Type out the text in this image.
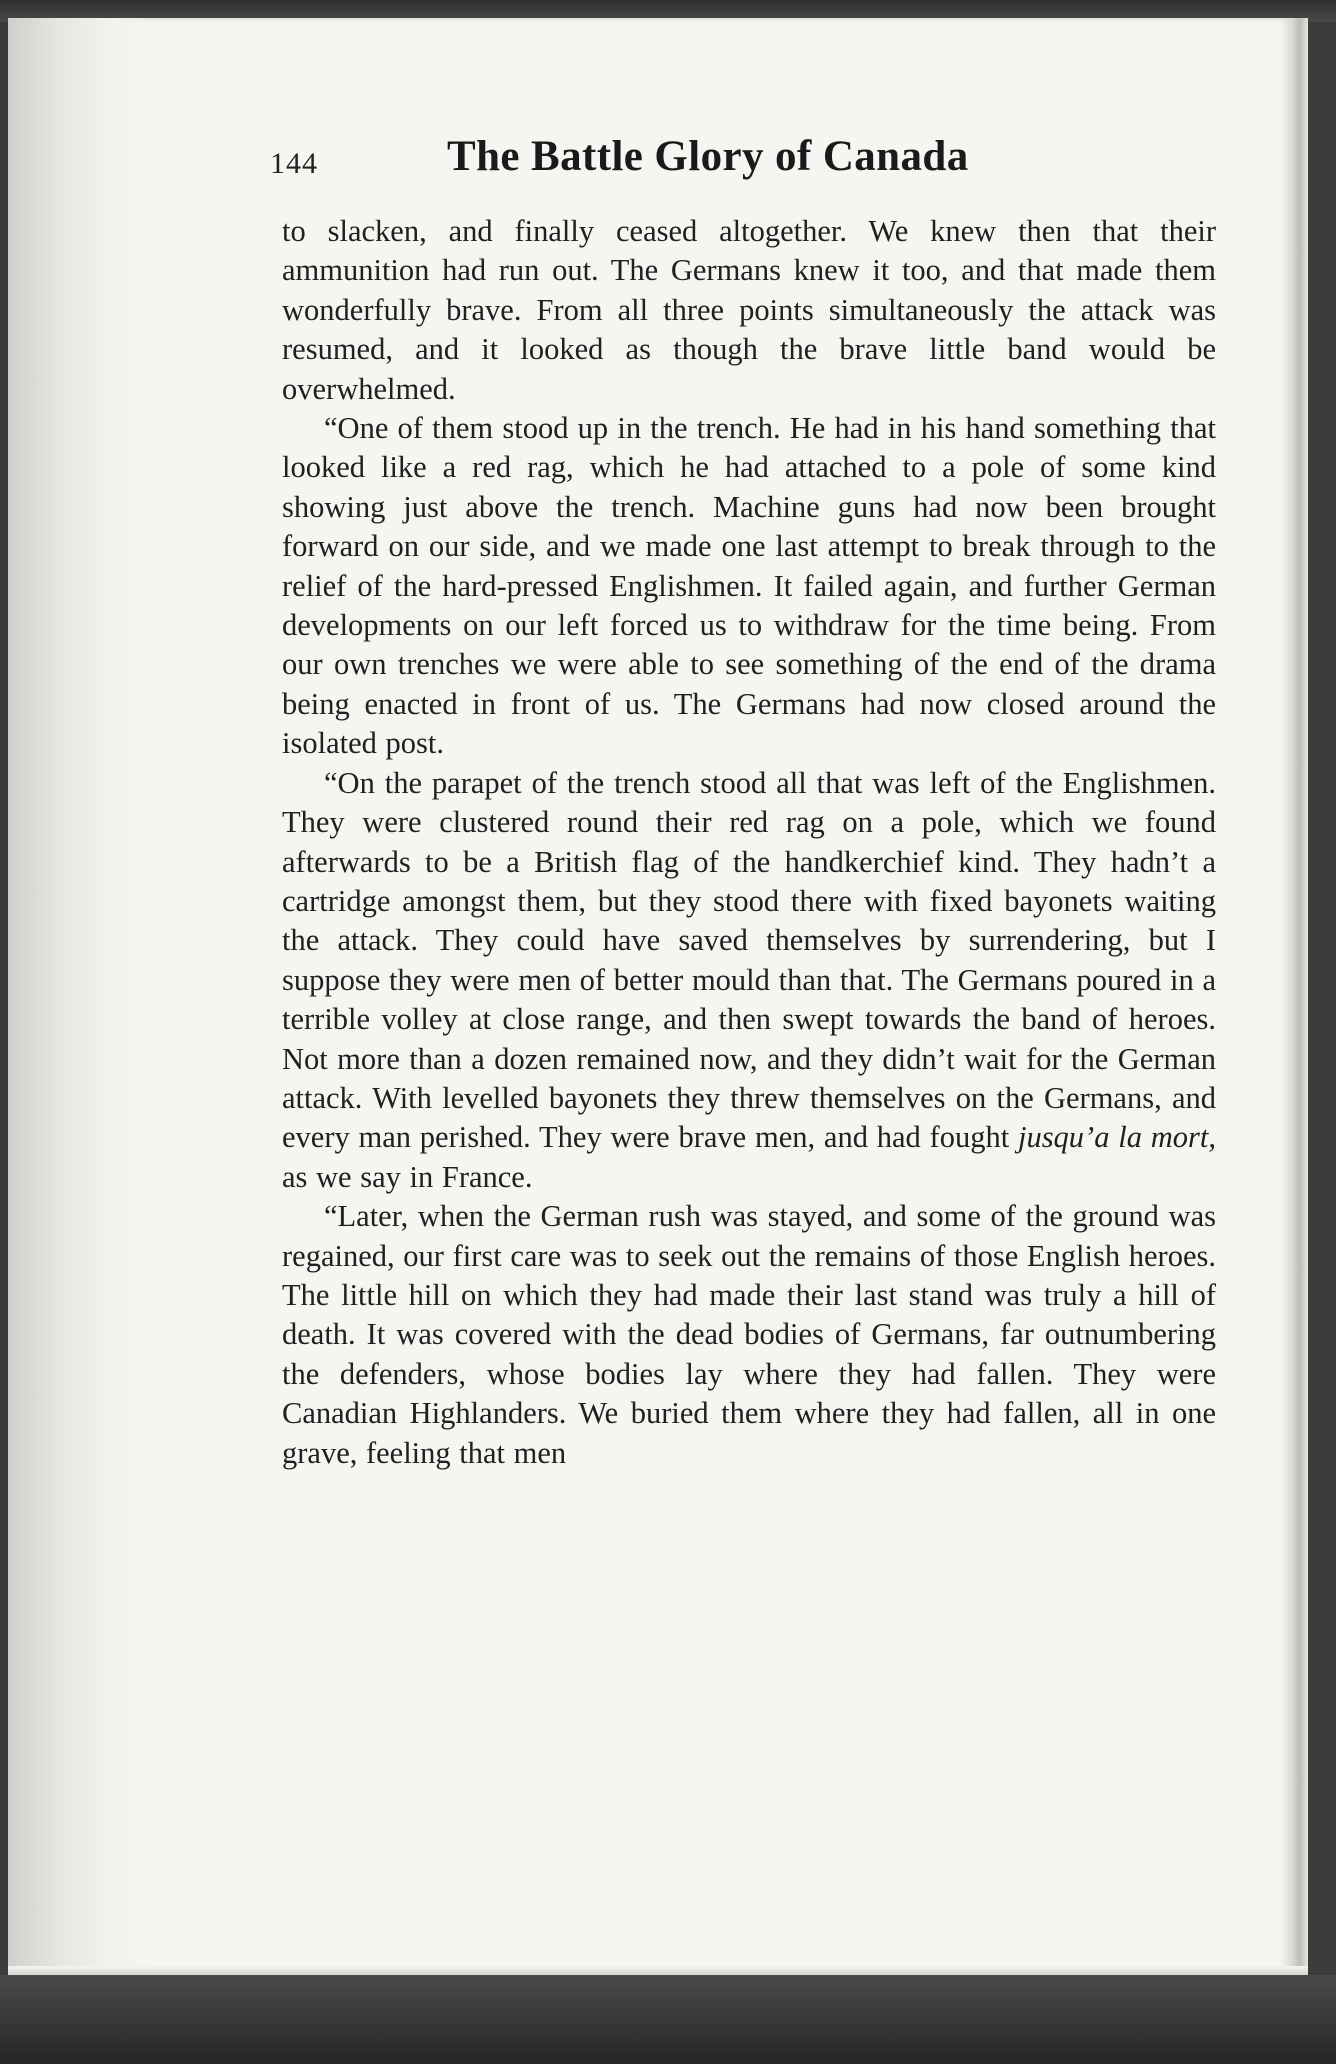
144	The Battle Glory of Canada

to slacken, and finally ceased altogether. We knew then that their ammunition had run out. The Germans knew it too, and that made them wonderfully brave. From all three points simultaneously the attack was resumed, and it looked as though the brave little band would be overwhelmed.

“One of them stood up in the trench. He had in his hand something that looked like a red rag, which he had attached to a pole of some kind showing just above the trench. Machine guns had now been brought forward on our side, and we made one last attempt to break through to the relief of the hard-pressed Englishmen. It failed again, and further German developments on our left forced us to withdraw for the time being. From our own trenches we were able to see something of the end of the drama being enacted in front of us. The Germans had now closed around the isolated post.

“On the parapet of the trench stood all that was left of the Englishmen. They were clustered round their red rag on a pole, which we found afterwards to be a British flag of the handkerchief kind. They hadn’t a cartridge amongst them, but they stood there with fixed bayonets waiting the attack. They could have saved themselves by surrendering, but I suppose they were men of better mould than that. The Germans poured in a terrible volley at close range, and then swept towards the band of heroes. Not more than a dozen remained now, and they didn’t wait for the German attack. With levelled bayonets they threw themselves on the Germans, and every man perished. They were brave men, and had fought jusqu’a la mort, as we say in France.

“Later, when the German rush was stayed, and some of the ground was regained, our first care was to seek out the remains of those English heroes. The little hill on which they had made their last stand was truly a hill of death. It was covered with the dead bodies of Germans, far outnumbering the defenders, whose bodies lay where they had fallen. They were Canadian Highlanders. We buried them where they had fallen, all in one grave, feeling that men
